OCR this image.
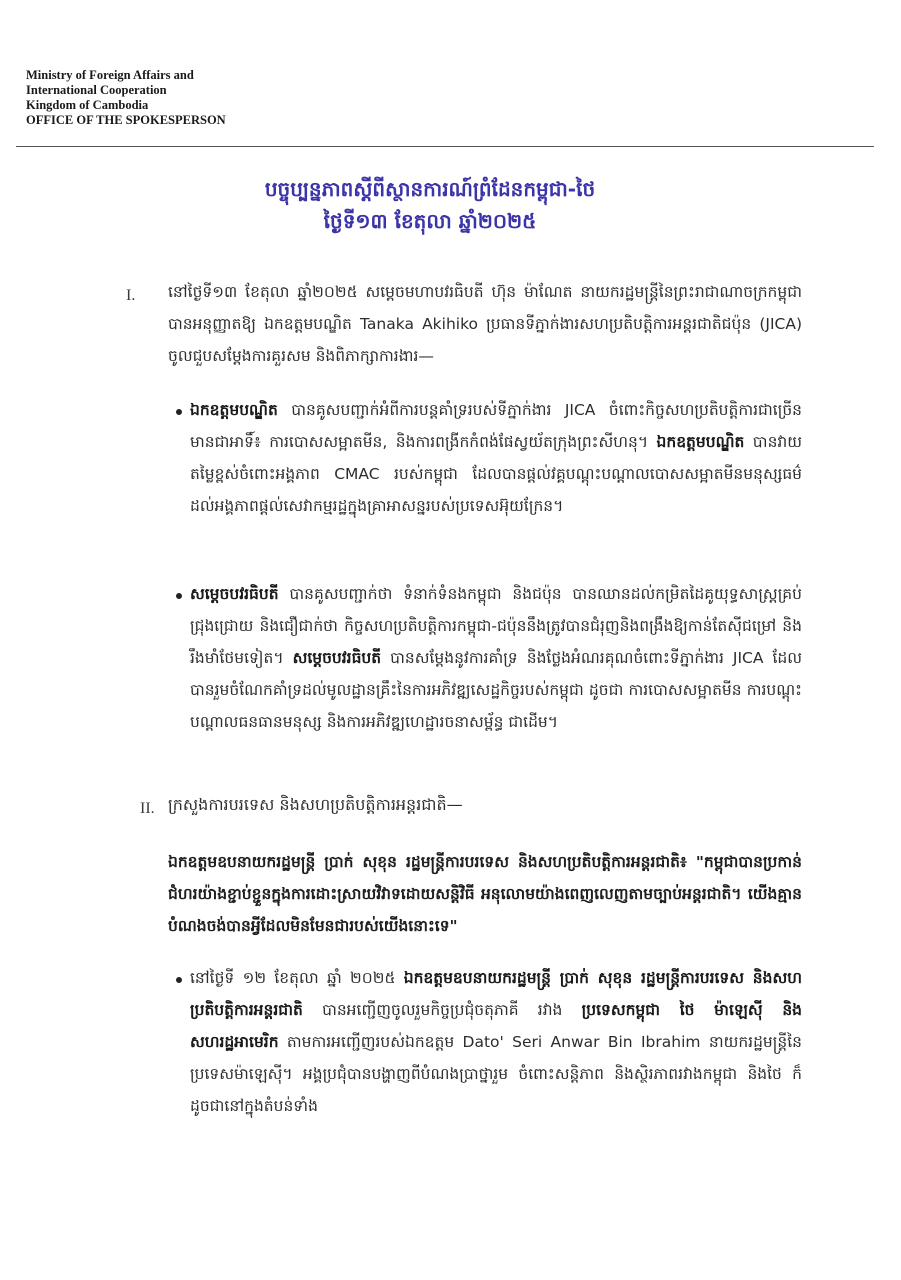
Ministry of Foreign Affairs and
International Cooperation
Kingdom of Cambodia
OFFICE OF THE SPOKESPERSON
បច្ចុប្បន្នភាពស្តីពីស្ថានការណ៍ព្រំដែនកម្ពុជា-ថៃ
ថ្ងៃទី១៣ ខែតុលា ឆ្នាំ២០២៥
I. នៅថ្ងៃទី១៣ ខែតុលា ឆ្នាំ២០២៥ សម្តេចមហាបវរធិបតី ហ៊ុន ម៉ាណែត នាយករដ្ឋមន្ត្រីនៃព្រះរាជាណាចក្រកម្ពុជា បានអនុញ្ញាតឱ្យ ឯកឧត្តមបណ្ឌិត Tanaka Akihiko ប្រធានទីភ្នាក់ងារសហប្រតិបត្តិការអន្តរជាតិជប៉ុន (JICA) ចូលជួបសម្តែងការគួរសម និងពិភាក្សាការងារ—
ឯកឧត្តមបណ្ឌិត បានគូសបញ្ជាក់អំពីការបន្តគាំទ្ររបស់ទីភ្នាក់ងារ JICA ចំពោះកិច្ចសហប្រតិបត្តិការជាច្រើន មានជាអាទិ៍៖ ការបោសសម្អាតមីន, និងការពង្រីកកំពង់ផែស្វយ័តក្រុងព្រះសីហនុ។ ឯកឧត្តមបណ្ឌិត បានវាយតម្លៃខ្ពស់ចំពោះអង្គភាព CMAC របស់កម្ពុជា ដែលបានផ្តល់វគ្គបណ្តុះបណ្តាលបោសសម្អាតមីនមនុស្សធម៌ ដល់អង្គភាពផ្តល់សេវាកម្មរដ្ឋក្នុងគ្រាអាសន្នរបស់ប្រទេសអ៊ុយក្រែន។
សម្តេចបវរធិបតី បានគូសបញ្ជាក់ថា ទំនាក់ទំនងកម្ពុជា និងជប៉ុន បានឈានដល់កម្រិតដៃគូយុទ្ធសាស្ត្រគ្រប់ជ្រុងជ្រោយ និងជឿជាក់ថា កិច្ចសហប្រតិបត្តិការកម្ពុជា-ជប៉ុននឹងត្រូវបានជំរុញនិងពង្រឹងឱ្យកាន់តែស៊ីជម្រៅ និងរឹងមាំថែមទៀត។ សម្តេចបវរធិបតី បានសម្តែងនូវការគាំទ្រ និងថ្លែងអំណរគុណចំពោះទីភ្នាក់ងារ JICA ដែលបានរួមចំណែកគាំទ្រដល់មូលដ្ឋានគ្រឹះនៃការអភិវឌ្ឍសេដ្ឋកិច្ចរបស់កម្ពុជា ដូចជា ការបោសសម្អាតមីន ការបណ្តុះបណ្តាលធនធានមនុស្ស និងការអភិវឌ្ឍហេដ្ឋារចនាសម្ព័ន្ធ ជាដើម។
II. ក្រសួងការបរទេស និងសហប្រតិបត្តិការអន្តរជាតិ—
ឯកឧត្តមឧបនាយករដ្ឋមន្ត្រី ប្រាក់ សុខុន រដ្ឋមន្ត្រីការបរទេស និងសហប្រតិបត្តិការអន្តរជាតិ៖ "កម្ពុជាបានប្រកាន់ជំហរយ៉ាងខ្ជាប់ខ្ជួនក្នុងការដោះស្រាយវិវាទដោយសន្តិវិធី អនុលោមយ៉ាងពេញលេញតាមច្បាប់អន្តរជាតិ។ យើងគ្មានបំណងចង់បានអ្វីដែលមិនមែនជារបស់យើងនោះទេ"
នៅថ្ងៃទី ១២ ខែតុលា ឆ្នាំ ២០២៥ ឯកឧត្តមឧបនាយករដ្ឋមន្ត្រី ប្រាក់ សុខុន រដ្ឋមន្ត្រីការបរទេស និងសហប្រតិបត្តិការអន្តរជាតិ បានអញ្ជើញចូលរួមកិច្ចប្រជុំចតុភាគី រវាង ប្រទេសកម្ពុជា ថៃ ម៉ាឡេស៊ី និងសហរដ្ឋអាមេរិក តាមការអញ្ជើញរបស់ឯកឧត្តម Dato' Seri Anwar Bin Ibrahim នាយករដ្ឋមន្ត្រីនៃប្រទេសម៉ាឡេស៊ី។ អង្គប្រជុំបានបង្ហាញពីបំណងប្រាថ្នារួម ចំពោះសន្តិភាព និងស្ថិរភាពរវាងកម្ពុជា និងថៃ ក៏ដូចជានៅក្នុងតំបន់ទាំង
